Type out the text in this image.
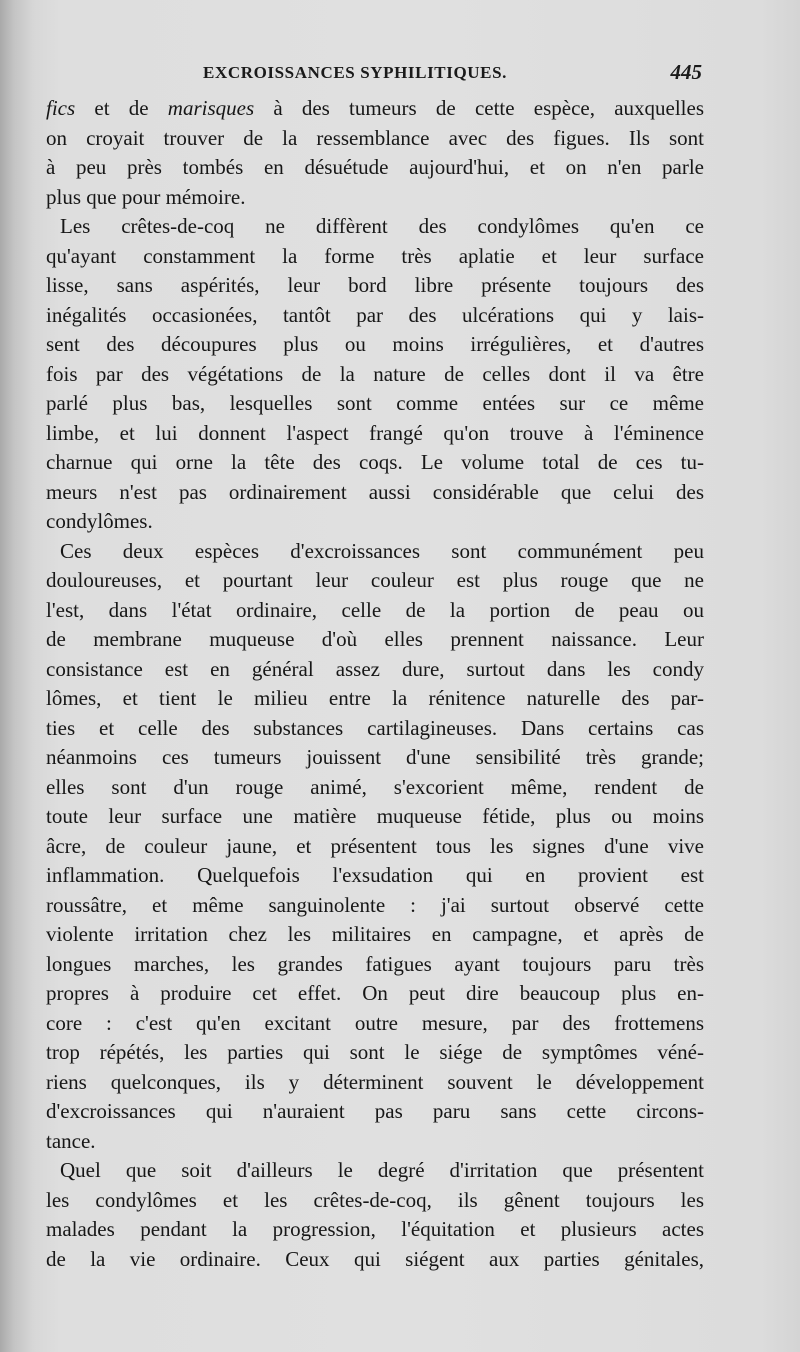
EXCROISSANCES SYPHILITIQUES.	445
fics et de marisques à des tumeurs de cette espèce, auxquelles
on croyait trouver de la ressemblance avec des figues. Ils sont
à peu près tombés en désuétude aujourd'hui, et on n'en parle
plus que pour mémoire.
Les crêtes-de-coq ne diffèrent des condylômes qu'en ce
qu'ayant constamment la forme très aplatie et leur surface
lisse, sans aspérités, leur bord libre présente toujours des
inégalités occasionées, tantôt par des ulcérations qui y lais-
sent des découpures plus ou moins irrégulières, et d'autres
fois par des végétations de la nature de celles dont il va être
parlé plus bas, lesquelles sont comme entées sur ce même
limbe, et lui donnent l'aspect frangé qu'on trouve à l'éminence
charnue qui orne la tête des coqs. Le volume total de ces tu-
meurs n'est pas ordinairement aussi considérable que celui des
condylômes.
Ces deux espèces d'excroissances sont communément peu
douloureuses, et pourtant leur couleur est plus rouge que ne
l'est, dans l'état ordinaire, celle de la portion de peau ou
de membrane muqueuse d'où elles prennent naissance. Leur
consistance est en général assez dure, surtout dans les condy
lômes, et tient le milieu entre la rénitence naturelle des par-
ties et celle des substances cartilagineuses. Dans certains cas
néanmoins ces tumeurs jouissent d'une sensibilité très grande;
elles sont d'un rouge animé, s'excorient même, rendent de
toute leur surface une matière muqueuse fétide, plus ou moins
âcre, de couleur jaune, et présentent tous les signes d'une vive
inflammation. Quelquefois l'exsudation qui en provient est
roussâtre, et même sanguinolente : j'ai surtout observé cette
violente irritation chez les militaires en campagne, et après de
longues marches, les grandes fatigues ayant toujours paru très
propres à produire cet effet. On peut dire beaucoup plus en-
core : c'est qu'en excitant outre mesure, par des frottemens
trop répétés, les parties qui sont le siége de symptômes véné-
riens quelconques, ils y déterminent souvent le développement
d'excroissances qui n'auraient pas paru sans cette circons-
tance.
Quel que soit d'ailleurs le degré d'irritation que présentent
les condylômes et les crêtes-de-coq, ils gênent toujours les
malades pendant la progression, l'équitation et plusieurs actes
de la vie ordinaire. Ceux qui siégent aux parties génitales,
